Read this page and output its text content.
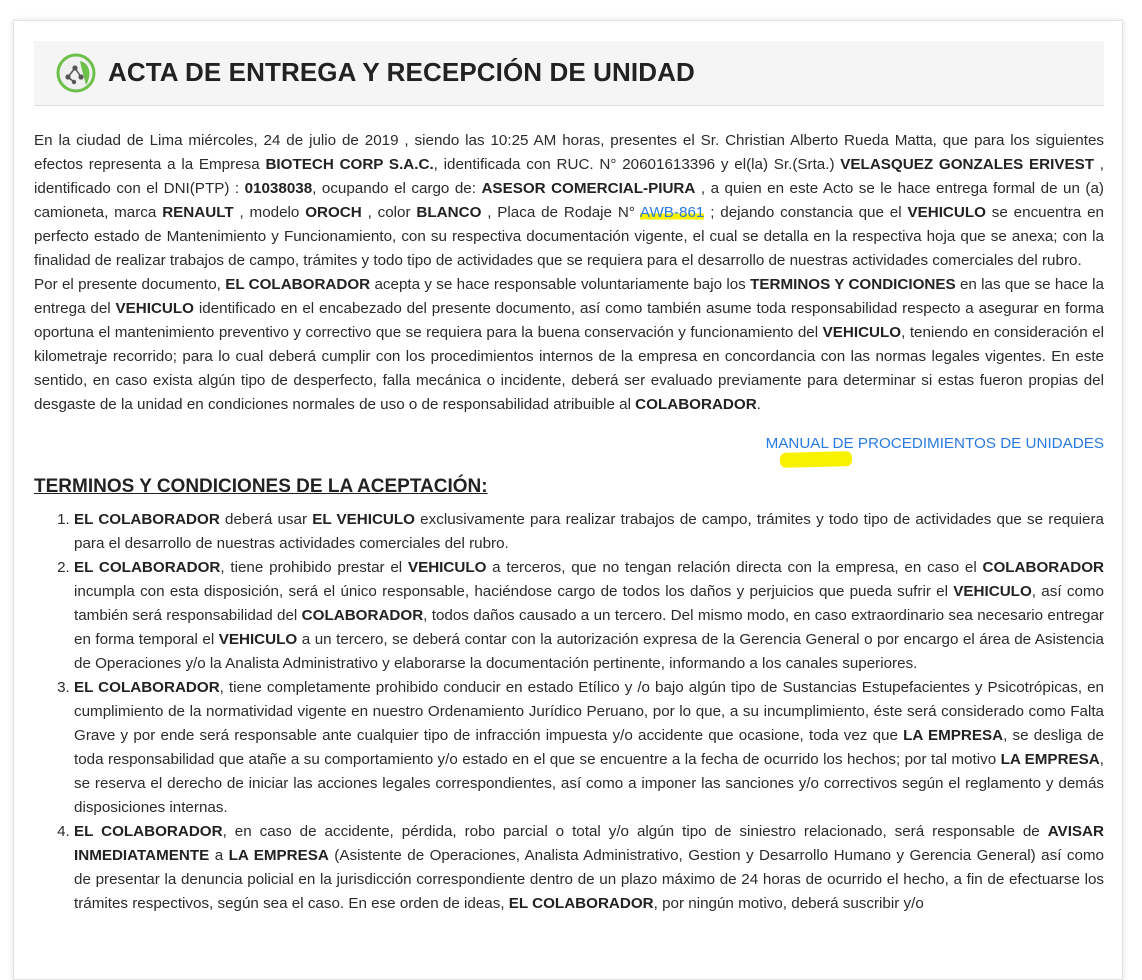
ACTA DE ENTREGA Y RECEPCIÓN DE UNIDAD

En la ciudad de Lima miércoles, 24 de julio de 2019 , siendo las 10:25 AM horas, presentes el Sr. Christian Alberto Rueda Matta, que para los siguientes efectos representa a la Empresa BIOTECH CORP S.A.C., identificada con RUC. N° 20601613396 y el(la) Sr.(Srta.) VELASQUEZ GONZALES ERIVEST , identificado con el DNI(PTP) : 01038038, ocupando el cargo de: ASESOR COMERCIAL-PIURA , a quien en este Acto se le hace entrega formal de un (a) camioneta, marca RENAULT , modelo OROCH , color BLANCO , Placa de Rodaje N° AWB-861 ; dejando constancia que el VEHICULO se encuentra en perfecto estado de Mantenimiento y Funcionamiento, con su respectiva documentación vigente, el cual se detalla en la respectiva hoja que se anexa; con la finalidad de realizar trabajos de campo, trámites y todo tipo de actividades que se requiera para el desarrollo de nuestras actividades comerciales del rubro.

Por el presente documento, EL COLABORADOR acepta y se hace responsable voluntariamente bajo los TERMINOS Y CONDICIONES en las que se hace la entrega del VEHICULO identificado en el encabezado del presente documento, así como también asume toda responsabilidad respecto a asegurar en forma oportuna el mantenimiento preventivo y correctivo que se requiera para la buena conservación y funcionamiento del VEHICULO, teniendo en consideración el kilometraje recorrido; para lo cual deberá cumplir con los procedimientos internos de la empresa en concordancia con las normas legales vigentes. En este sentido, en caso exista algún tipo de desperfecto, falla mecánica o incidente, deberá ser evaluado previamente para determinar si estas fueron propias del desgaste de la unidad en condiciones normales de uso o de responsabilidad atribuible al COLABORADOR.

MANUAL DE PROCEDIMIENTOS DE UNIDADES
TERMINOS Y CONDICIONES DE LA ACEPTACIÓN:
1. EL COLABORADOR deberá usar EL VEHICULO exclusivamente para realizar trabajos de campo, trámites y todo tipo de actividades que se requiera para el desarrollo de nuestras actividades comerciales del rubro.
2. EL COLABORADOR, tiene prohibido prestar el VEHICULO a terceros, que no tengan relación directa con la empresa, en caso el COLABORADOR incumpla con esta disposición, será el único responsable, haciéndose cargo de todos los daños y perjuicios que pueda sufrir el VEHICULO, así como también será responsabilidad del COLABORADOR, todos daños causado a un tercero. Del mismo modo, en caso extraordinario sea necesario entregar en forma temporal el VEHICULO a un tercero, se deberá contar con la autorización expresa de la Gerencia General o por encargo el área de Asistencia de Operaciones y/o la Analista Administrativo y elaborarse la documentación pertinente, informando a los canales superiores.
3. EL COLABORADOR, tiene completamente prohibido conducir en estado Etílico y /o bajo algún tipo de Sustancias Estupefacientes y Psicotrópicas, en cumplimiento de la normatividad vigente en nuestro Ordenamiento Jurídico Peruano, por lo que, a su incumplimiento, éste será considerado como Falta Grave y por ende será responsable ante cualquier tipo de infracción impuesta y/o accidente que ocasione, toda vez que LA EMPRESA, se desliga de toda responsabilidad que atañe a su comportamiento y/o estado en el que se encuentre a la fecha de ocurrido los hechos; por tal motivo LA EMPRESA, se reserva el derecho de iniciar las acciones legales correspondientes, así como a imponer las sanciones y/o correctivos según el reglamento y demás disposiciones internas.
4. EL COLABORADOR, en caso de accidente, pérdida, robo parcial o total y/o algún tipo de siniestro relacionado, será responsable de AVISAR INMEDIATAMENTE a LA EMPRESA (Asistente de Operaciones, Analista Administrativo, Gestion y Desarrollo Humano y Gerencia General) así como de presentar la denuncia policial en la jurisdicción correspondiente dentro de un plazo máximo de 24 horas de ocurrido el hecho, a fin de efectuarse los trámites respectivos, según sea el caso. En ese orden de ideas, EL COLABORADOR, por ningún motivo, deberá suscribir y/o
